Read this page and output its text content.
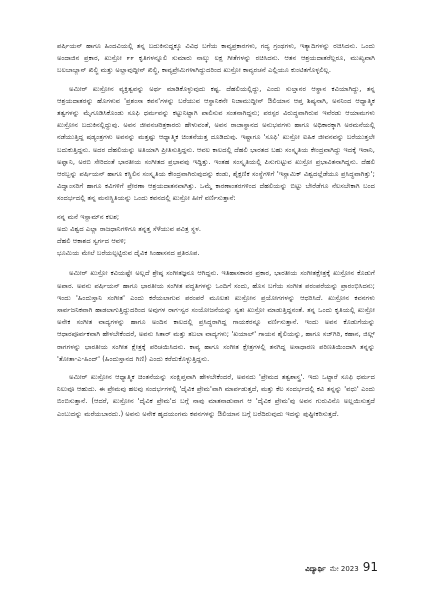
ಪರ್ಷಿಯನ್ ಹಾಗೂ ಹಿಂದವಿಯಲ್ಲಿ ತನ್ನ ಬದುಕಿನುದ್ದಕ್ಕೂ ವಿವಿಧ ಬಗೆಯ ಕಾವ್ಯಪ್ರಕಾರಗಳು, ಗದ್ಯ ಗ್ರಂಥಗಳು, ಇತ್ಯಾದಿಗಳನ್ನು ರಚಿಸಿದನು. ಒಂದು ಅಂದಾಜಿನ ಪ್ರಕಾರ, ಖುಸ್ರೋ ೯೯ ಕೃತಿಗಳನ್ನೂಲಿ ಸುಮಾರು ನಾಲ್ಕು ಲಕ್ಷ ಗೀತೆಗಳನ್ನು ರಚಿಸಿದನು. ಆತನ ಆಶ್ರಯದಾತರೆಲ್ಲರೂ, ಮುಖ್ಯವಾಗಿ ಬಲಬಾಬ್ಲಾನ್ ಖಿಲ್ಜಿ ಮತ್ತು ಅಲ್ಲಾವುದ್ದೀನ್ ಖಿಲ್ಜಿ, ಕಾವ್ಯಪ್ರೇಮಿಗಳಾಗಿದ್ದುದರಿಂದ ಖುಸ್ರೋ ಕಾವ್ಯರಚನೆ ಎಲ್ಲಿಯೂ ಕುಂಟಿತಗೊಳ್ಳಲಿಲ್ಲ.

ಅಮೀರ್ ಖುಸ್ರೋನ ವ್ಯಕ್ತಿತ್ವವನ್ನು ಅರ್ಥ ಮಾಡಿಕೊಳ್ಳುವುದು ಕಷ್ಟ. ದೆಹಲಿಯಲ್ಲಿದ್ದು, ಎಂದು ಸುಲ್ತಾನರ ಆಸ್ಥಾನ ಕವಿಯಾಗಿದ್ದು, ತನ್ನ ಆಶ್ರಯದಾತರನ್ನು ಹೊಗಳುವ 'ಪ್ರಶಂಸಾ ಕವನ'ಗಳನ್ನು ಬರೆಯುವ ಆಸ್ಥಾನಿಕನೇ ನಿಜಾಮುದ್ದೀನ್ ಔಲಿಯಾನ ಆಪ್ತ ಶಿಷ್ಯನಾಗಿ, ಅನನಿಂದ ಆಧ್ಯಾತ್ಮಿಕ ತತ್ವಗಳನ್ನು ಮೈಗೂಡಿಸಿಕೊಂಡು ಸೂಫಿ ಧರ್ಮವನ್ನು ಕಟ್ಟುನಿಟ್ಟಾಗಿ ಪಾಲಿಸುವ ಸಂತನಾಗಿದ್ದನು; ಪರಸ್ಪರ ವಿರುದ್ಧವಾಗಿರುವ ಇವೆರಡು ಆಯಾಮಗಳು ಖುಸ್ರೋನ ಬದುಕಿನಲ್ಲಿದ್ದುವು. ಅವನ ಜೀವನಚರಿತ್ರಕಾರರು ಹೇಳುವಂತೆ, ಅವನ ರಾಜಾಸ್ಥಾನದ ಅನುಭವಗಳು ಹಾಗೂ ಅಧಿಕಾರಕ್ಕಾಗಿ ಅರಮನೆಯಲ್ಲಿ ನಡೆಯುತ್ತಿದ್ದ ಷಡ್ಯಂತ್ರಗಳು ಅವನನ್ನು ಮತ್ತಷ್ಟು ಆಧ್ಯಾತ್ಮಿಕ ಚಿಂತನೆಯತ್ತ ದೂಡಿದುವು. ಇಷ್ಟಾಗೂ 'ಸೂಫಿ' ಖುಸ್ರೋ ಐಹಿಕ ಜೀವನವನ್ನು ಬರೆಯುತ್ತಲೇ ಬದುಕುತ್ತಿದ್ದನು. ಅದರ ದೆಹಲಿಯನ್ನು ಅತಿಯಾಗಿ ಪ್ರೀತಿಸುತ್ತಿದ್ದನು. ಆವಲ ಕಾಲದಲ್ಲಿ ದೆಹಲಿ ಭಾರತದ ಬಹು ಸಂಸ್ಕೃತಿಯ ಕೇಂದ್ರವಾಗಿದ್ದು ಇದಕ್ಕೆ ಇರಾನಿ, ಅಫ್ಘಾನಿ, ಅರಬಿ ಸೇರಿದಂತೆ ಭಾರತೀಯ ಸಂಗೀತದ ಪ್ರಭಾವವು ಇದ್ದಿತ್ತು. ಇಂತಹ ಸಂಸ್ಕೃತಿಯಲ್ಲಿ ಪಿಸುಗುಟ್ಟುವ ಖುಸ್ರೋ ಪ್ರಭಾವಿತನಾಗಿದ್ದನು. ದೆಹಲಿ ಆರಬ್ಬನ್ನು ಪರ್ಷಿಯನ್ ಹಾಗೂ ಕಸ್ಥಿಲಿನ ಸಂಸ್ಕೃತಿಯ ಕೇಂದ್ರವಾಗಿರುವುದನ್ನು ಕಂಡು, ಶೈಕ್ಷಣಿಕ ಸಂಸ್ಥೆಗಳಿಗೆ 'ಇಸ್ಲಾಮಿಕ್ ವಿಶ್ವದಲ್ಲೆಡೆಯೂ ಪ್ರಸಿದ್ಧವಾಗಿತ್ತು'; ವಿದ್ವಾಂಸರಿಗೆ ಹಾಗೂ ಕವಿಗಳಿಗೆ ಪ್ರೇರಣಾ ಆಶ್ರಯದಾತನವಾಗಿತ್ತು. ಒಮ್ಮೆ ಕಾರಣಾಂತರಗಳಿಂದ ದೆಹಲಿಯನ್ನು ಬಿಟ್ಟು ಬೇರೆಡೆಗೂ ನೆಲಸಬೇಕಾಗಿ ಬಂದ ಸಂದರ್ಭದಲ್ಲಿ ತನ್ನ ಮನಃಸ್ಥಿತಿಯನ್ನು ಒಂದು ಕವನದಲ್ಲಿ ಖುಸ್ರೋ ಹೀಗೆ ವರ್ಣಿಸುತ್ತಾನೆ:

ನನ್ನ ಮನೆ ಇಸ್ಲಾಮ್‌ನ ಕಲಶ;
ಅದು ವಿಶ್ವದ ಎಲ್ಲಾ ರಾಜಧಾನಿಗಳಿಗೂ ತನ್ನತ್ತ ಸೆಳೆಯುವ ಪವಿತ್ರ ಸ್ಥಳ.
ದೆಹಲಿ ಆಕಾಶದ ಸ್ವರ್ಗದ ಆವಳಿ;
ಭೂಮಿಯ ಮೇಲೆ ಬರೆಯಲ್ಪಟ್ಟಿರುವ ದೈವಿಕ ಸಿಂಹಾಸನದ ಪ್ರತಿರೂಪ.

ಅಮೀರ್ ಖುಸ್ರೋ ಕವಿಯಷ್ಟೇ ಅಲ್ಲದೆ ಶ್ರೇಷ್ಠ ಸಂಗೀತಜ್ಞನೂ ಆಗಿದ್ದನು. ಇತಿಹಾಸಕಾರರ ಪ್ರಕಾರ, ಭಾರತೀಯ ಸಂಗೀತಕ್ಷೇತ್ರಕ್ಕೆ ಖುಸ್ರೋನ ಕೊಡುಗೆ ಅಪಾರ. ಅವನು ಪರ್ಷಿಯನ್ ಹಾಗೂ ಭಾರತೀಯ ಸಂಗೀತ ಪದ್ಧತಿಗಳನ್ನು ಒಂದಿಗೆ ಸಂದು, ಹೊಸ ಬಗೆಯ ಸಂಗೀತ ಪರಂಪರೆಯನ್ನು ಪ್ರಾರಂಭಿಸಿದನು; ಇಂದು 'ಹಿಂದುಸ್ತಾನಿ ಸಂಗೀತ' ಎಂದು ಕರೆಯಲಾಗುವ ಪರಂಪರೆ ಮೂಲತಃ ಖುಸ್ರೋನ ಪ್ರಯೋಗಗಳನ್ನು ಆಧರಿಸಿದೆ. ಖುಸ್ರೋನ ಕವನಗಳು ಸಾರ್ವಜನಿಕವಾಗಿ ಹಾಡಲಾಗುತ್ತಿದ್ದುದರಿಂದ ಅವುಗಳ ರಾಗ-ಸ್ವರ ಸಂಯೋಜನೆಯನ್ನು ಸ್ವತಃ ಖುಸ್ರೋ ಮಾಡುತ್ತಿದ್ದನಂತೆ. ತನ್ನ ಒಂದು ಕೃತಿಯಲ್ಲಿ ಖುಸ್ರೋ ಅನೇಕ ಸಂಗೀತ ವಾದ್ಯಗಳನ್ನು ಹಾಗೂ ಅಂದಿನ ಕಾಲದಲ್ಲಿ ಪ್ರಸಿದ್ಧರಾಗಿದ್ದ ಗಾಯಕರನ್ನೂ ವರ್ಣಿಸುತ್ತಾನೆ. ಇಂದು ಅವನ ಕೊಡುಗೆಯನ್ನು ಆಧಾರಪೂರ್ವಕವಾಗಿ ಹೇಳಬೇಕೆಂದರೆ, ಅವನು ಸಿತಾರ್ ಮತ್ತು ತಬಲಾ ವಾದ್ಯಗಳು; 'ಖಯಾಲ್' ಗಾಯನ ಶೈಲಿಯನ್ನು, ಹಾಗೂ ಸಜ್‌ಗಿರಿ, ಕಹಾನ, ಜಿಲ್ಲ್ ರಾಗಗಳನ್ನು ಭಾರತೀಯ ಸಂಗೀತ ಕ್ಷೇತ್ರಕ್ಕೆ ಪರಿಚಯಿಸಿದನು. ಕಾವ್ಯ ಹಾಗೂ ಸಂಗೀತ ಕ್ಷೇತ್ರಗಳಲ್ಲಿ ತನಗಿದ್ದ ಅಸಾಧಾರಣ ಪರಿಣತಿಯಿಂದಾಗಿ ತನ್ನನ್ನು 'ತೋತಾ-ಎ-ಹಿಂದ್' (ಹಿಂದುಸ್ತಾನದ ಗಿಣಿ) ಎಂದು ಕರೆದುಕೊಳ್ಳುತ್ತಿದ್ದನು.

ಅಮೀರ್ ಖುಸ್ರೋನ ಆಧ್ಯಾತ್ಮಿಕ ಚಿಂತನೆಯನ್ನು ಸಂಕ್ಷಿಪ್ತವಾಗಿ ಹೇಳಬೇಕೆಂದರೆ, ಅವನದು 'ಪ್ರೇಮದ ತತ್ವಶಾಸ್ತ್ರ'. ಇದು ಒಟ್ಟಾರೆ ಸೂಫಿ ಧರ್ಮದ ನಿಲುವೂ ಆಹುದು. ಈ ಪ್ರೇಮವು ಹಲವು ಸಂದರ್ಭಗಳಲ್ಲಿ 'ದೈವಿಕ ಪ್ರೇಮ'ವಾಗಿ ಮಾರ್ಪಡುತ್ತದೆ, ಮತ್ತು ಕೆಲ ಸಂದರ್ಭದಲ್ಲಿ ಕವಿ ತನ್ನನ್ನು 'ವಧು' ಎಂದು ಬಿಂಬಿಸುತ್ತಾನೆ. (ಆದರೆ, ಖುಸ್ರೋನ 'ದೈವಿಕ ಪ್ರೇಮ'ದ ಬಗ್ಗೆ ನಾವು ಮಾತನಾಡುವಾಗ ಆ 'ದೈವಿಕ ಪ್ರೇಮ'ವು ಅವನ ಗುರುವಿನೊ ಅಲ್ಲಯಿಸುತ್ತದೆ ಎಂಬುದನ್ನು ಮರೆಯಬಾರದು.) ಅವನು ಅನೇಕ ಹೃದಯಂಗಮ ಕವನಗಳನ್ನು ಔಲಿಯಾನ ಬಗ್ಗೆ ಬರೆದಿರುವುದು ಇದನ್ನು ಪುಷ್ಟೀಕರಿಸುತ್ತದೆ.

ವಿದ್ಯಾರ್ಥಿ ಮೇ 2023 91
